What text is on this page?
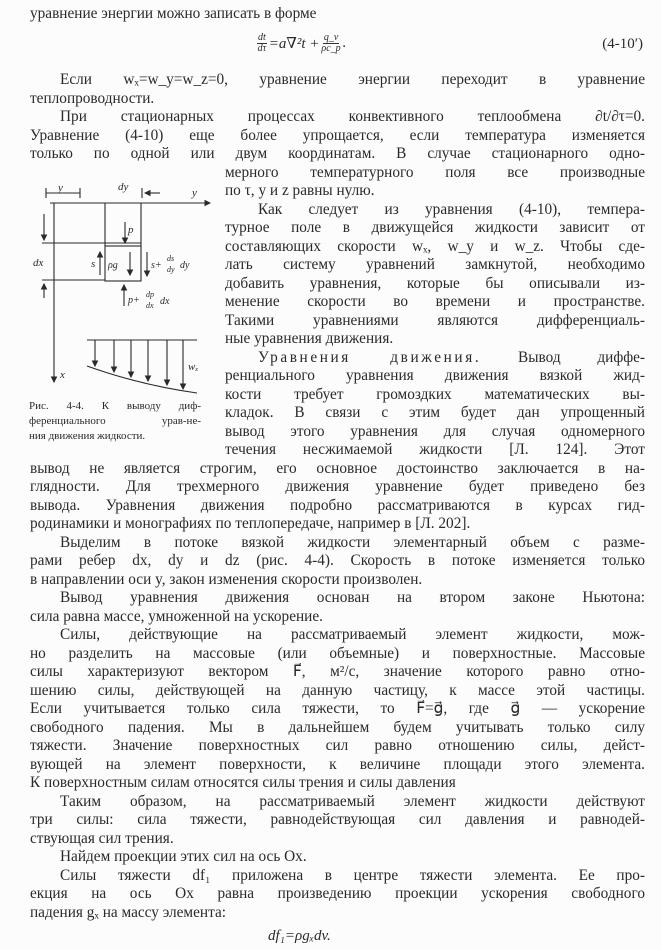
уравнение энергии можно записать в форме
Если wₓ=w_y=w_z=0, уравнение энергии переходит в уравнение
теплопроводности.
При стационарных процессах конвективного теплообмена ∂t/∂τ=0.
Уравнение (4-10) еще более упрощается, если температура изменяется
только по одной или двум координатам. В случае стационарного одно-
мерного температурного поля все производные
по τ, y и z равны нулю.
Как следует из уравнения (4-10), темпера-
турное поле в движущейся жидкости зависит от
составляющих скорости wₓ, w_y и w_z. Чтобы сде-
лать систему уравнений замкнутой, необходимо
добавить уравнения, которые бы описывали из-
менение скорости во времени и пространстве.
Такими уравнениями являются дифференциаль-
ные уравнения движения.
Уравнения движения. Вывод диффе-
ренциального уравнения движения вязкой жид-
кости требует громоздких математических вы-
кладок. В связи с этим будет дан упрощенный
вывод этого уравнения для случая одномерного
течения несжимаемой жидкости [Л. 124]. Этот
вывод не является строгим, его основное достоинство заключается в на-
глядности. Для трехмерного движения уравнение будет приведено без
вывода. Уравнения движения подробно рассматриваются в курсах гид-
родинамики и монографиях по теплопередаче, например в [Л. 202].
Выделим в потоке вязкой жидкости элементарный объем с разме-
рами ребер dx, dy и dz (рис. 4-4). Скорость в потоке изменяется только
в направлении оси y, закон изменения скорости произволен.
Вывод уравнения движения основан на втором законе Ньютона:
сила равна массе, умноженной на ускорение.
Силы, действующие на рассматриваемый элемент жидкости, мож-
но разделить на массовые (или объемные) и поверхностные. Массовые
силы характеризуют вектором F⃗, м²/с, значение которого равно отно-
шению силы, действующей на данную частицу, к массе этой частицы.
Если учитывается только сила тяжести, то F⃗=g⃗, где g⃗ — ускорение
свободного падения. Мы в дальнейшем будем учитывать только силу
тяжести. Значение поверхностных сил равно отношению силы, дейст-
вующей на элемент поверхности, к величине площади этого элемента.
К поверхностным силам относятся силы трения и силы давления
Таким образом, на рассматриваемый элемент жидкости действуют
три силы: сила тяжести, равнодействующая сил давления и равнодей-
ствующая сил трения.
Найдем проекции этих сил на ось Ox.
Силы тяжести df₁ приложена в центре тяжести элемента. Ее про-
екция на ось Ox равна произведению проекции ускорения свободного
падения gₓ на массу элемента:
$\frac{dt}{d\tau} =a\nabla^2t + \frac{q\_v}{\rho c\_p}$ .	(4-10′)
df₁=ρgₓdv.
y	dy	y
dx
p
s ρg	s+
ds
dy dy
p+
dp
dx dx
wₓ
x
Рис. 4-4. К выводу диф-
ференциального урав-не-
ния движения жидкости.
